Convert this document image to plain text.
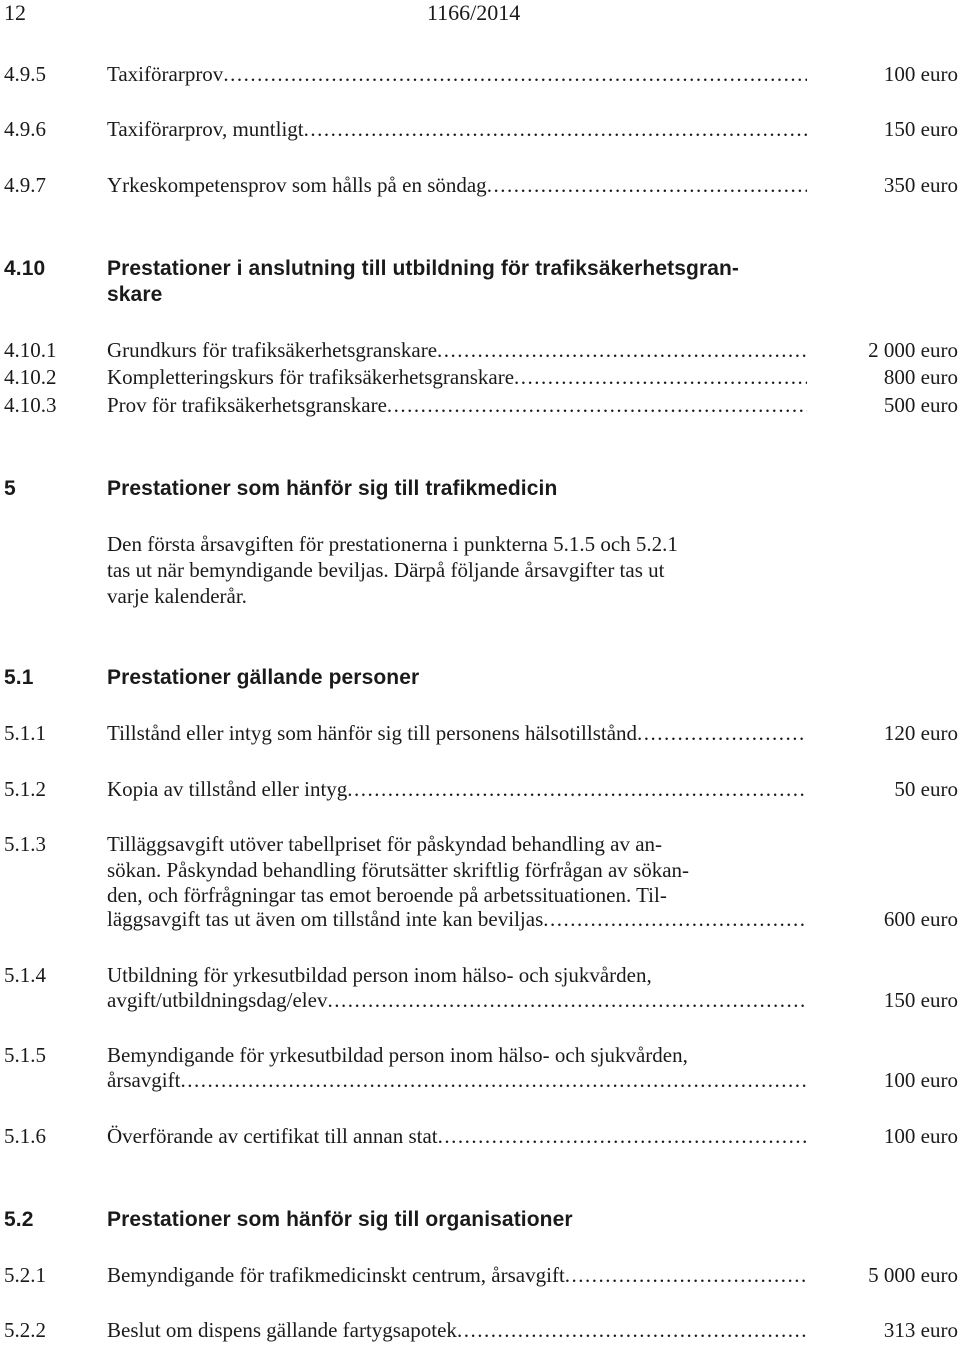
12	1166/2014
4.9.5	Taxiförarprov .....	100 euro
4.9.6	Taxiförarprov, muntligt .....	150 euro
4.9.7	Yrkeskompetensprov som hålls på en söndag .....	350 euro
4.10	Prestationer i anslutning till utbildning för trafiksäkerhetsgran-
skare
4.10.1 Grundkurs för trafiksäkerhetsgranskare .....	2 000 euro
4.10.2 Kompletteringskurs för trafiksäkerhetsgranskare .....	800 euro
4.10.3 Prov för trafiksäkerhetsgranskare .....	500 euro
5	Prestationer som hänför sig till trafikmedicin
Den första årsavgiften för prestationerna i punkterna 5.1.5 och 5.2.1
tas ut när bemyndigande beviljas. Därpå följande årsavgifter tas ut
varje kalenderår.
5.1	Prestationer gällande personer
5.1.1	Tillstånd eller intyg som hänför sig till personens hälsotillstånd .....	120 euro
5.1.2	Kopia av tillstånd eller intyg .....	50 euro
5.1.3	Tilläggsavgift utöver tabellpriset för påskyndad behandling av an-
sökan. Påskyndad behandling förutsätter skriftlig förfrågan av sökan-
den, och förfrågningar tas emot beroende på arbetssituationen. Til-
läggsavgift tas ut även om tillstånd inte kan beviljas .....	600 euro
5.1.4	Utbildning för yrkesutbildad person inom hälso- och sjukvården,
avgift/utbildningsdag/elev .....	150 euro
5.1.5	Bemyndigande för yrkesutbildad person inom hälso- och sjukvården,
årsavgift .....	100 euro
5.1.6	Överförande av certifikat till annan stat .....	100 euro
5.2	Prestationer som hänför sig till organisationer
5.2.1	Bemyndigande för trafikmedicinskt centrum, årsavgift .....	5 000 euro
5.2.2	Beslut om dispens gällande fartygsapotek .....	313 euro
